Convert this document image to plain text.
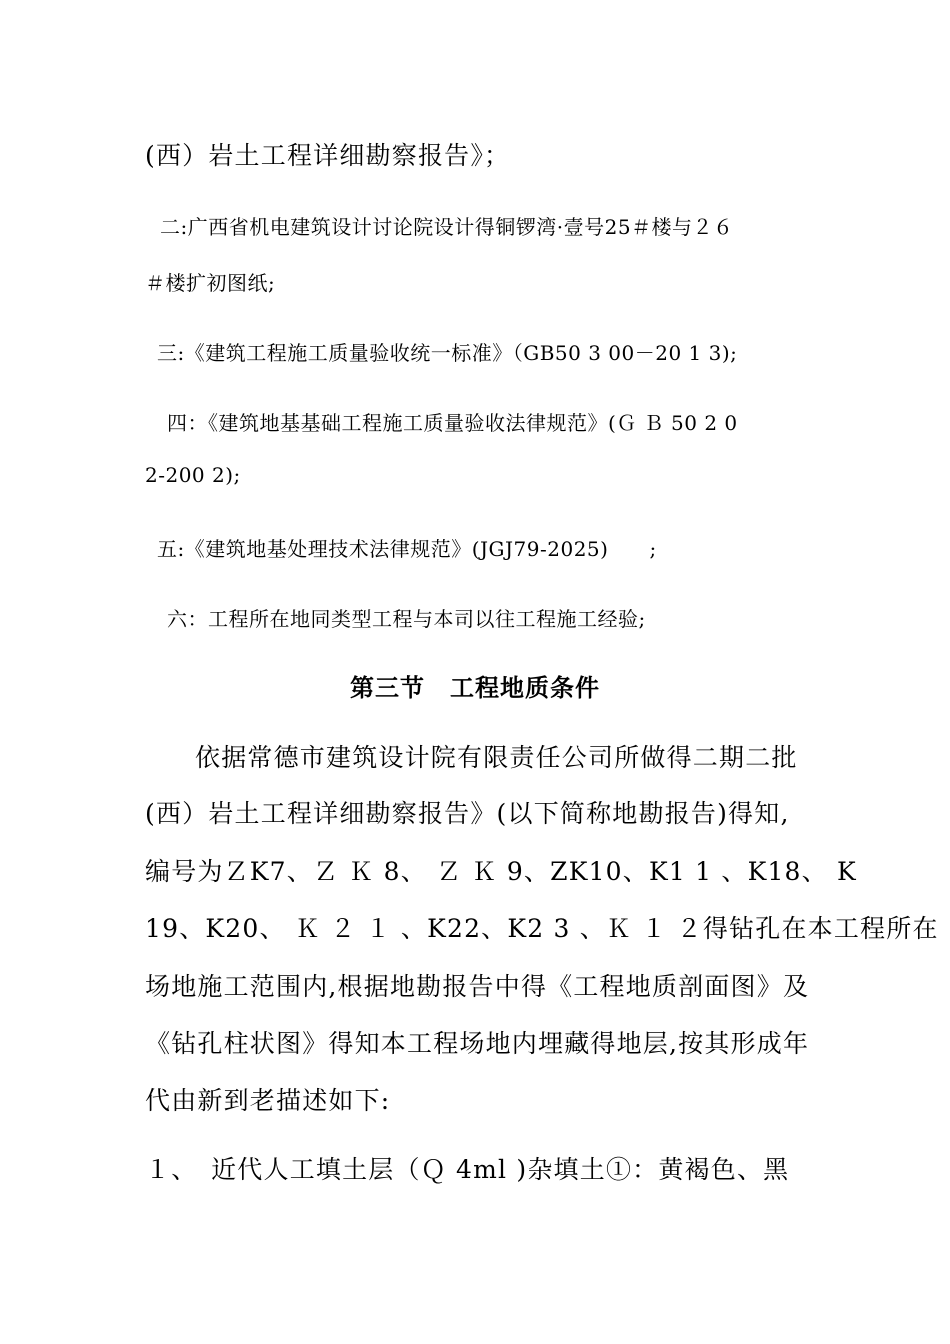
(西）岩土工程详细勘察报告》；
二:广西省机电建筑设计讨论院设计得铜锣湾·壹号25＃楼与２６
＃楼扩初图纸;
三:《建筑工程施工质量验收统一标准》（GB50 3 00－20 1 3);
四：《建筑地基基础工程施工质量验收法律规范》(Ｇ Ｂ 50 2 0
2-200 2);
五:《建筑地基处理技术法律规范》(JGJ79-2025)　　;
六：工程所在地同类型工程与本司以往工程施工经验;
第三节　工程地质条件
依据常德市建筑设计院有限责任公司所做得二期二批
(西）岩土工程详细勘察报告》(以下简称地勘报告)得知,
编号为ＺK7、Ｚ Ｋ 8、 Ｚ Ｋ 9、ZK10、K1 1 、K18、 K
19、K20、 Ｋ ２ １ 、K22、K2 3 、Ｋ １ ２得钻孔在本工程所在
场地施工范围内,根据地勘报告中得《工程地质剖面图》及
《钻孔柱状图》得知本工程场地内埋藏得地层,按其形成年
代由新到老描述如下:
１、　近代人工填土层（Ｑ 4ml )杂填土①：黄褐色、黑
